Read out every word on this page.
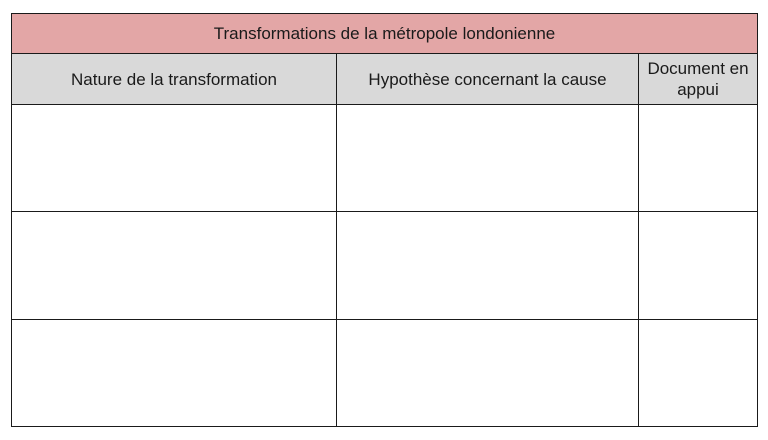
Transformations de la métropole londonienne		
Nature de la transformation	Hypothèse concernant la cause	Document en appui
